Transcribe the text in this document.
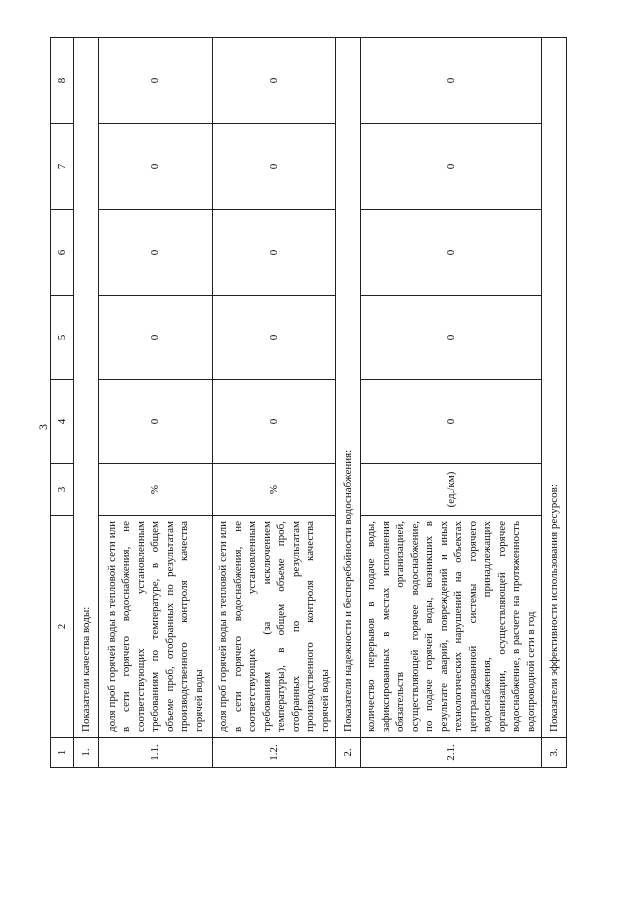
3
1	2	3	4	5	6	7	8
1.	Показатели качества воды:						
1.1.	доля проб горячей воды в тепловой сети или в сети горячего водоснабжения, не соответствующих установленным требованиям по температуре, в общем объеме проб, отобранных по результатам производственного контроля качества горячей воды	%	0	0	0	0	0
1.2.	доля проб горячей воды в тепловой сети или в сети горячего водоснабжения, не соответствующих установленным требованиям (за исключением температуры), в общем объеме проб, отобранных по результатам производственного контроля качества горячей воды	%	0	0	0	0	0
2.	Показатели надежности и бесперебойности водоснабжения:						
2.1.	количество перерывов в подаче воды, зафиксированных в местах исполнения обязательств организацией, осуществляющей горячее водоснабжение, по подаче горячей воды, возникших в результате аварий, повреждений и иных технологических нарушений на объектах централизованной системы горячего водоснабжения, принадлежащих организации, осуществляющей горячее водоснабжение, в расчете на протяженность водопроводной сети в год	(ед./км)	0	0	0	0	0
3.	Показатели эффективности использования ресурсов:						
